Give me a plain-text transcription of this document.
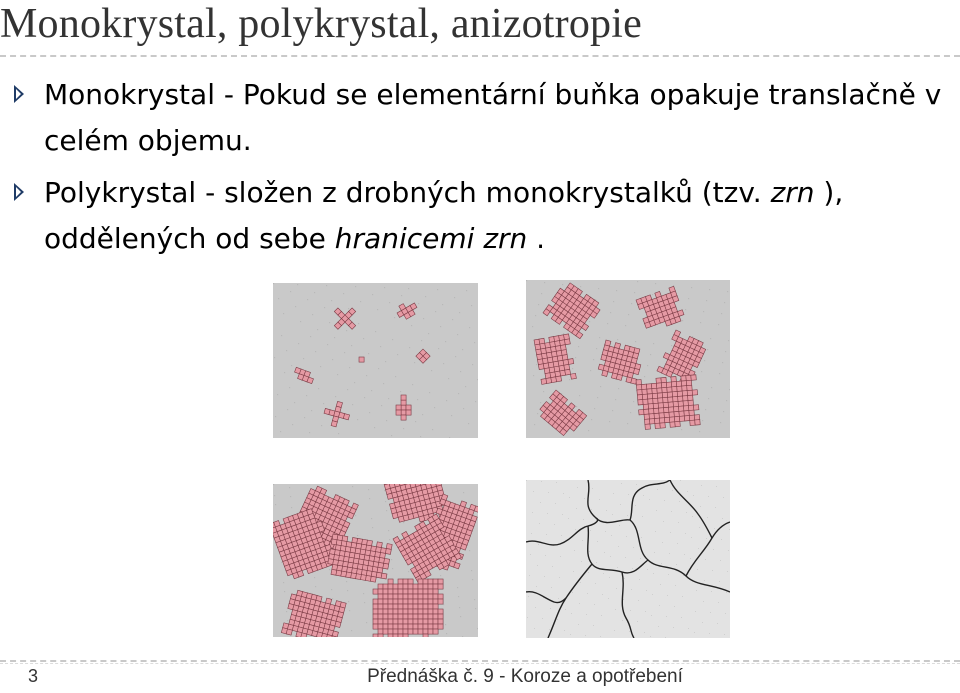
Monokrystal, polykrystal, anizotropie
Monokrystal - Pokud se elementární buňka opakuje translačně v celém objemu.
Polykrystal - složen z drobných monokrystalků (tzv. zrn ), oddělených od sebe hranicemi zrn .
3	Přednáška č. 9 - Koroze a opotřebení
